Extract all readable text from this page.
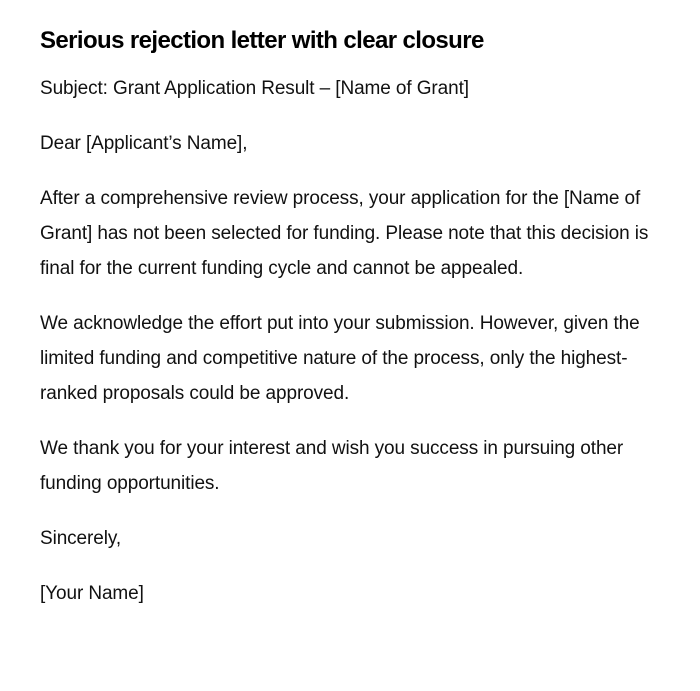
Serious rejection letter with clear closure

Subject: Grant Application Result – [Name of Grant]

Dear [Applicant’s Name],

After a comprehensive review process, your application for the [Name of Grant] has not been selected for funding. Please note that this decision is final for the current funding cycle and cannot be appealed.

We acknowledge the effort put into your submission. However, given the limited funding and competitive nature of the process, only the highest-ranked proposals could be approved.

We thank you for your interest and wish you success in pursuing other funding opportunities.

Sincerely,

[Your Name]
